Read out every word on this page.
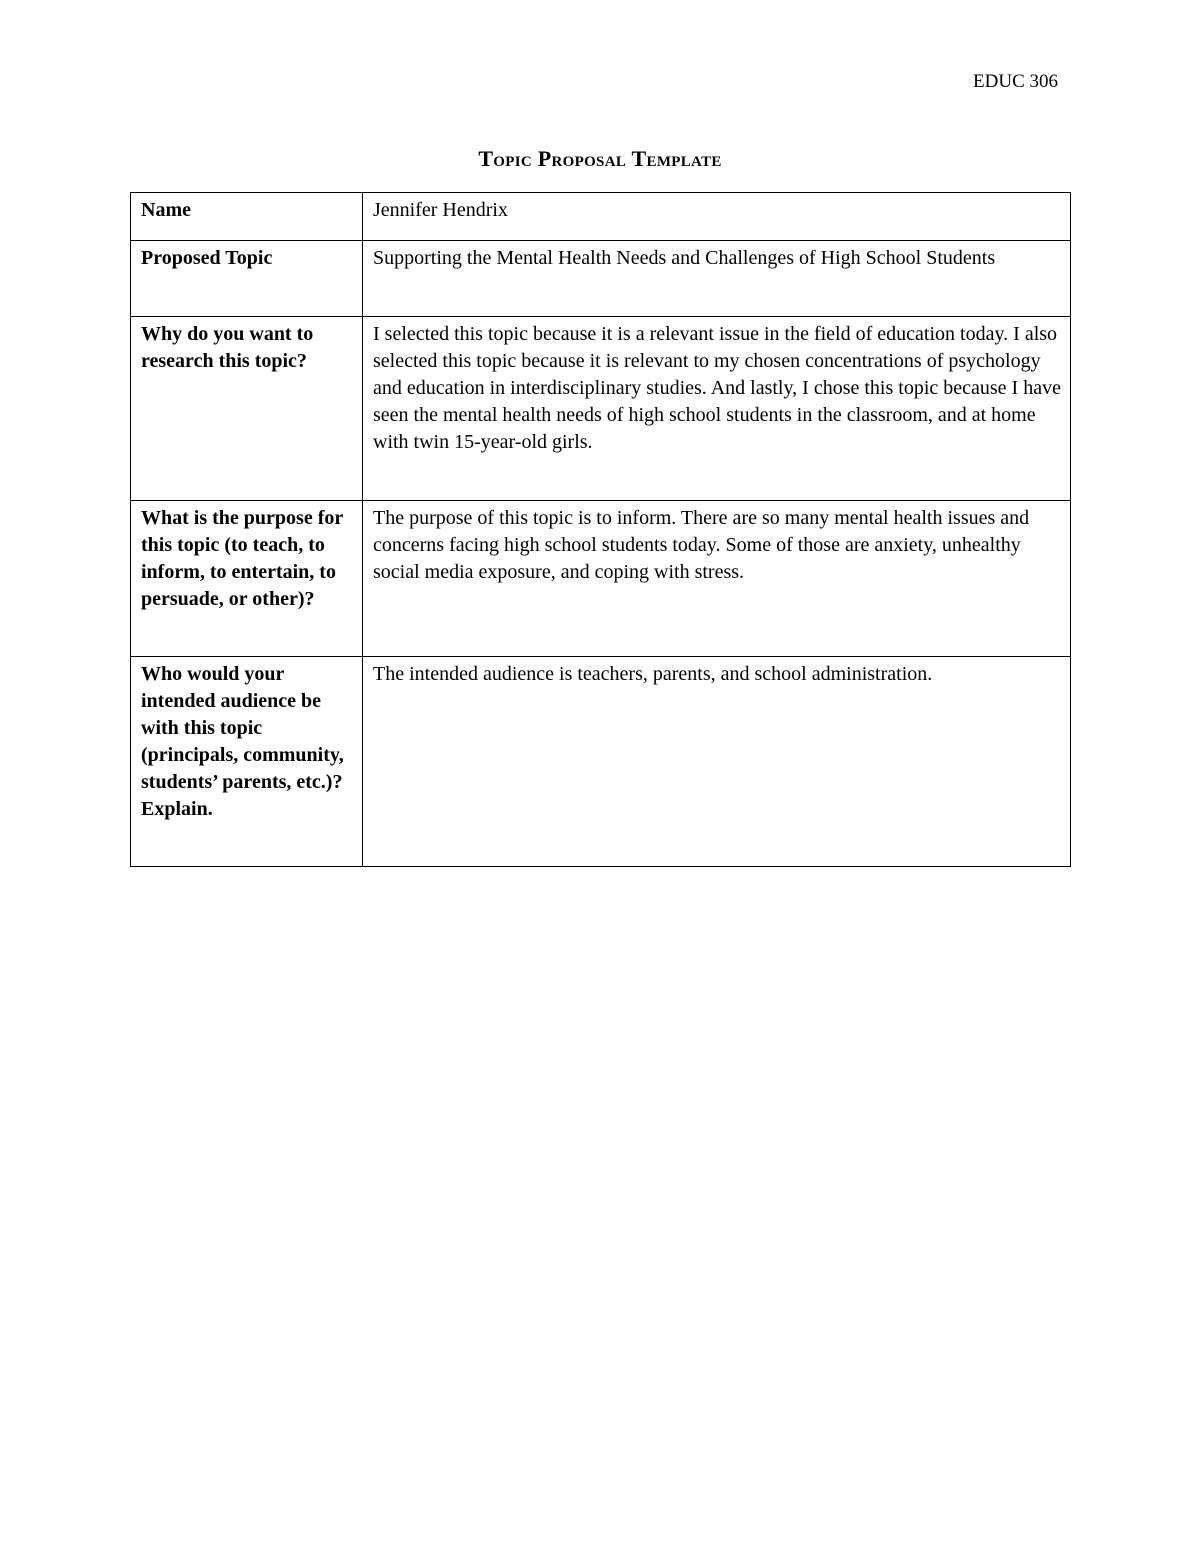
EDUC 306
Topic Proposal Template
Name	Jennifer Hendrix
Proposed Topic	Supporting the Mental Health Needs and Challenges of High School Students
Why do you want to research this topic?	I selected this topic because it is a relevant issue in the field of education today. I also selected this topic because it is relevant to my chosen concentrations of psychology and education in interdisciplinary studies. And lastly, I chose this topic because I have seen the mental health needs of high school students in the classroom, and at home with twin 15-year-old girls.
What is the purpose for this topic (to teach, to inform, to entertain, to persuade, or other)?	The purpose of this topic is to inform. There are so many mental health issues and concerns facing high school students today. Some of those are anxiety, unhealthy social media exposure, and coping with stress.
Who would your intended audience be with this topic (principals, community, students’ parents, etc.)? Explain.	The intended audience is teachers, parents, and school administration.
